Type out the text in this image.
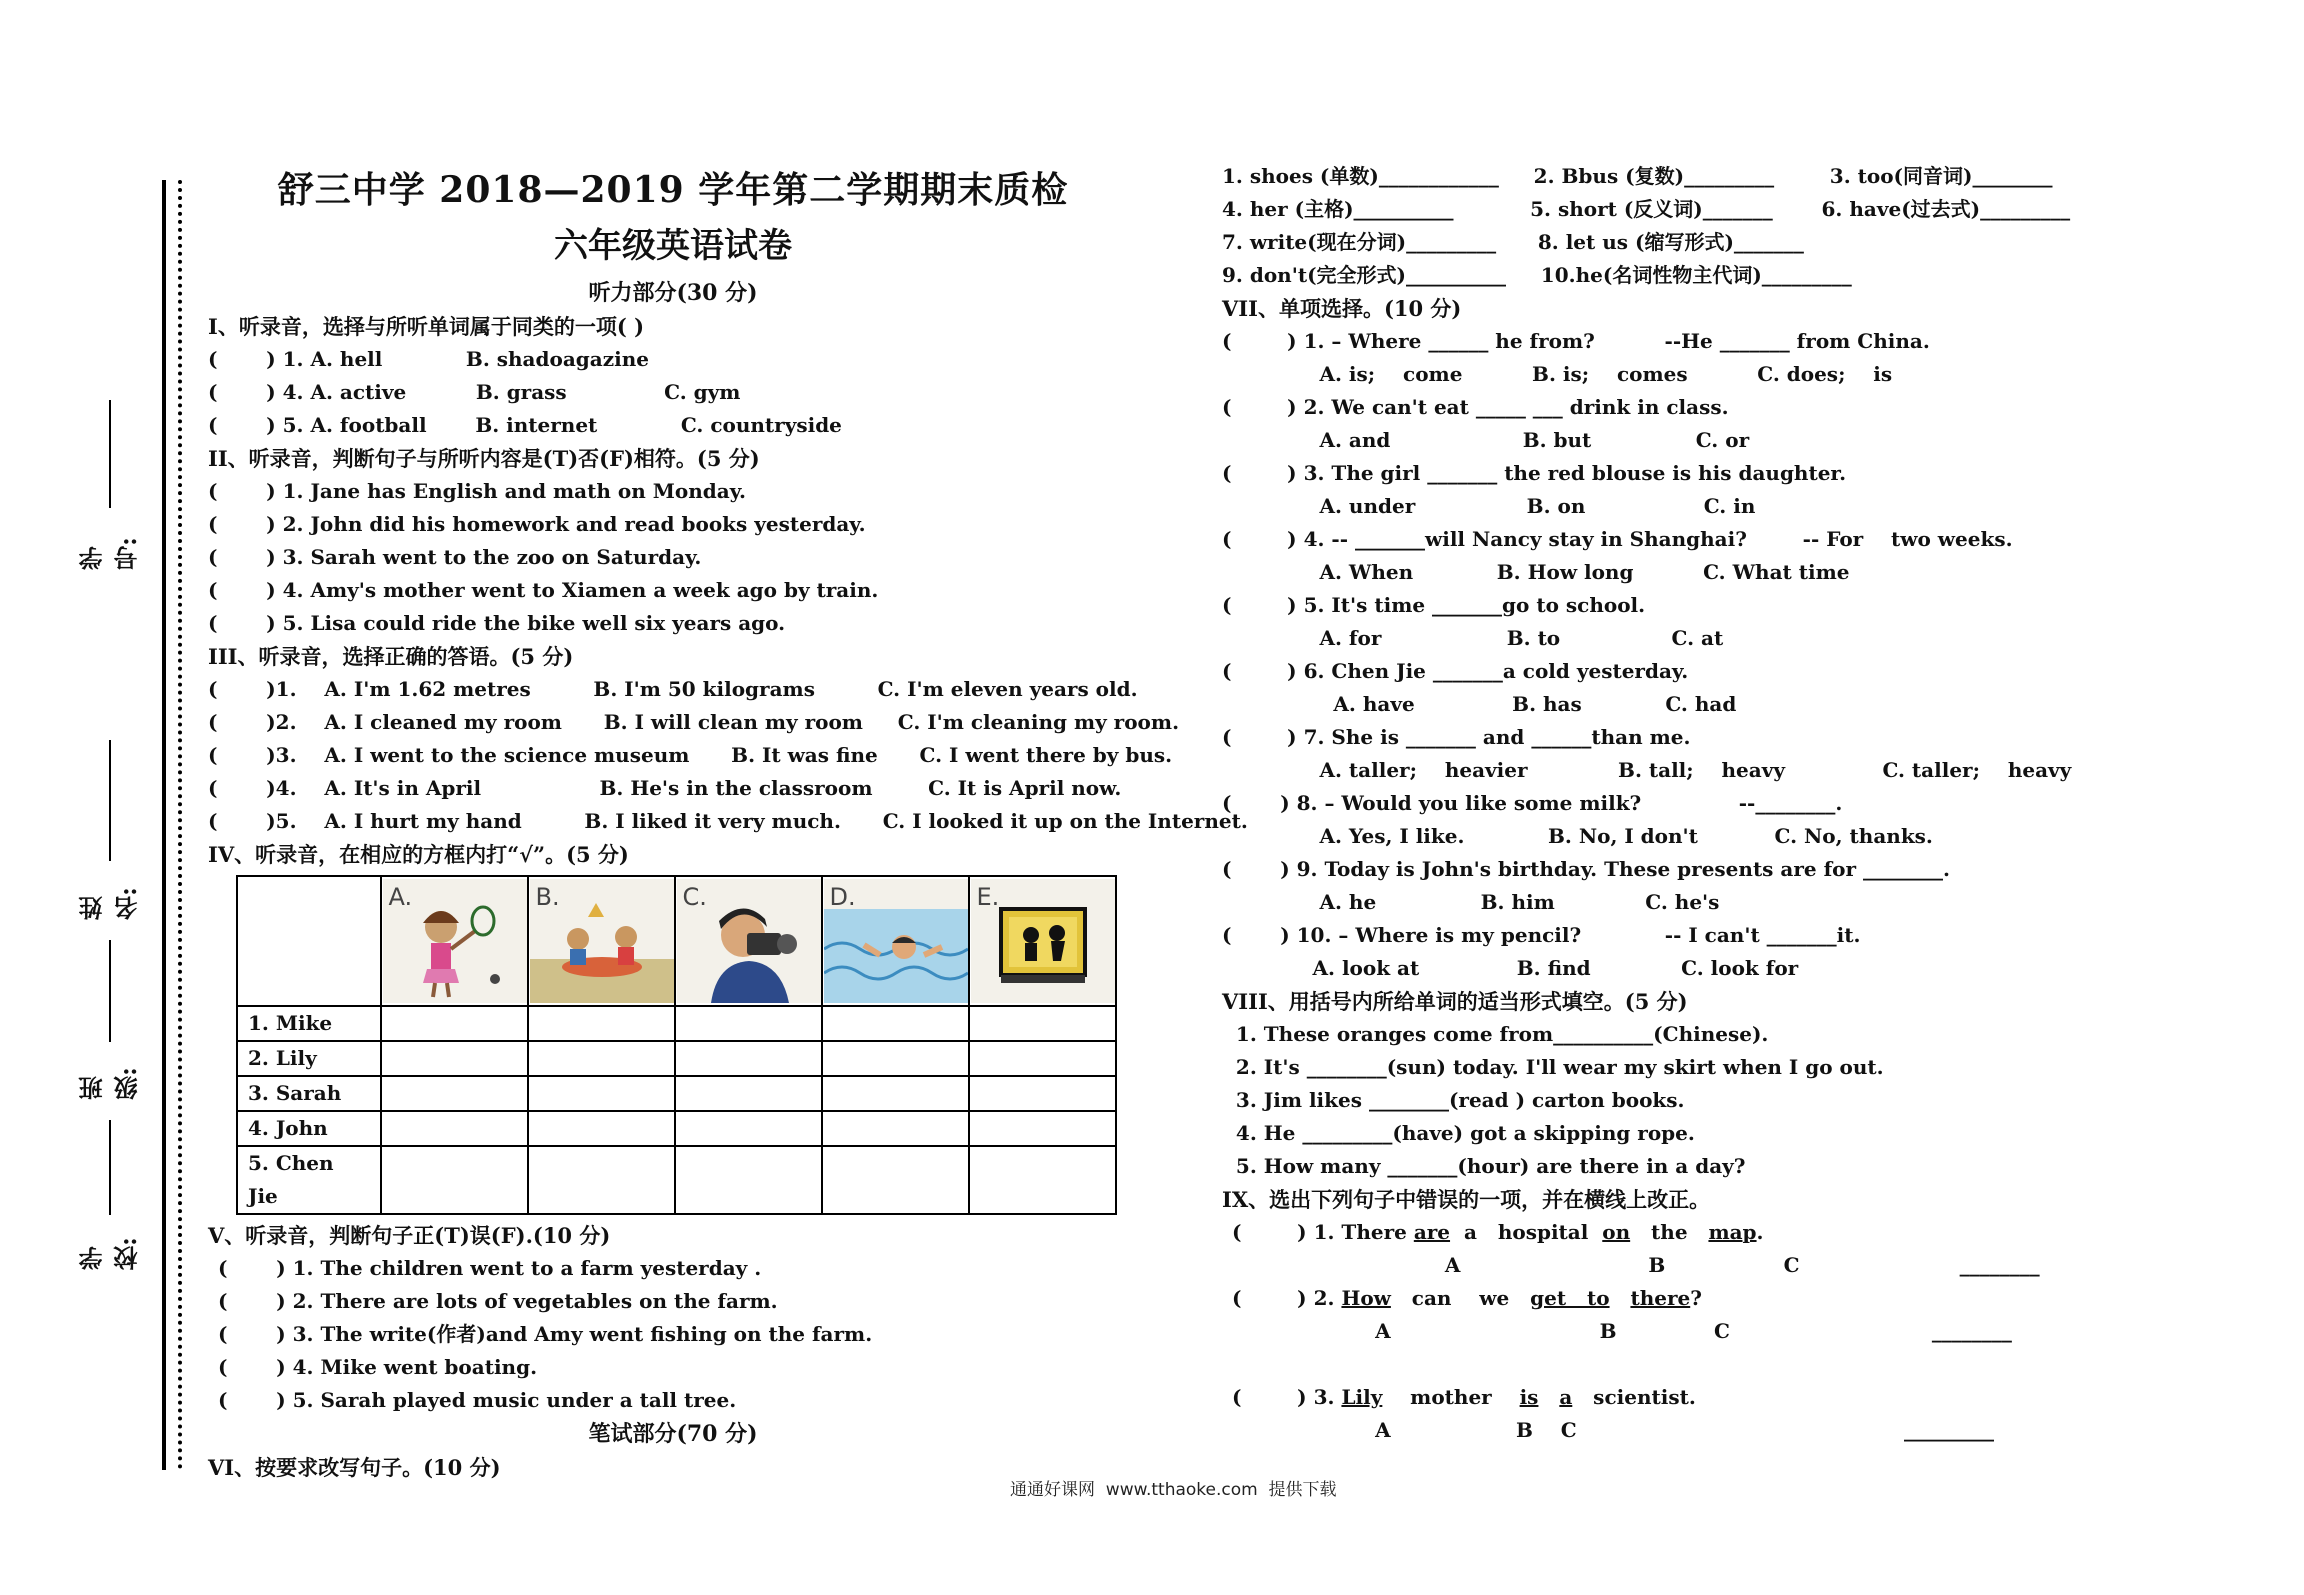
学校:
班级:
姓名:
学号:
舒三中学 2018—2019 学年第二学期期末质检
六年级英语试卷
听力部分(30 分)
I、听录音，选择与所听单词属于同类的一项( )
(       ) 1. A. hell            B. shadoagazine
(       ) 4. A. active          B. grass              C. gym
(       ) 5. A. football       B. internet            C. countryside
II、听录音，判断句子与所听内容是(T)否(F)相符。(5 分)
(       ) 1. Jane has English and math on Monday.
(       ) 2. John did his homework and read books yesterday.
(       ) 3. Sarah went to the zoo on Saturday.
(       ) 4. Amy's mother went to Xiamen a week ago by train.
(       ) 5. Lisa could ride the bike well six years ago.
III、听录音，选择正确的答语。(5 分)
(       )1.    A. I'm 1.62 metres         B. I'm 50 kilograms         C. I'm eleven years old.
(       )2.    A. I cleaned my room      B. I will clean my room     C. I'm cleaning my room.
(       )3.    A. I went to the science museum      B. It was fine      C. I went there by bus.
(       )4.    A. It's in April                 B. He's in the classroom        C. It is April now.
(       )5.    A. I hurt my hand         B. I liked it very much.      C. I looked it up on the Internet.
IV、听录音，在相应的方框内打“√”。(5 分)

	A.	B.	C.	D.	E.

1. Mike					
2. Lily					
3. Sarah					
4. John					
5. Chen Jie					
V、听录音，判断句子正(T)误(F).(10 分)
(       ) 1. The children went to a farm yesterday .
(       ) 2. There are lots of vegetables on the farm.
(       ) 3. The write(作者)and Amy went fishing on the farm.
(       ) 4. Mike went boating.
(       ) 5. Sarah played music under a tall tree.
笔试部分(70 分)
VI、按要求改写句子。(10 分)
1. shoes (单数)____________     2. Bbus (复数)_________        3. too(同音词)________
4. her (主格)__________           5. short (反义词)_______       6. have(过去式)_________
7. write(现在分词)_________      8. let us (缩写形式)_______
9. don't(完全形式)__________     10.he(名词性物主代词)_________
VII、单项选择。(10 分)
(        ) 1. – Where ______ he from?          --He _______ from China.
A. is;    come          B. is;    comes          C. does;    is
(        ) 2. We can't eat _____ ___ drink in class.
A. and                   B. but               C. or
(        ) 3. The girl _______ the red blouse is his daughter.
A. under                B. on                 C. in
(        ) 4. -- _______will Nancy stay in Shanghai?        -- For    two weeks.
A. When            B. How long          C. What time
(        ) 5. It's time _______go to school.
A. for                  B. to                C. at
(        ) 6. Chen Jie _______a cold yesterday.
A. have              B. has            C. had
(        ) 7. She is _______ and ______than me.
A. taller;    heavier             B. tall;    heavy              C. taller;    heavy
(       ) 8. – Would you like some milk?              --________.
A. Yes, I like.            B. No, I don't           C. No, thanks.
(       ) 9. Today is John's birthday. These presents are for ________.
A. he               B. him             C. he's
(       ) 10. – Where is my pencil?            -- I can't _______it.
A. look at              B. find             C. look for
VIII、用括号内所给单词的适当形式填空。(5 分)
1. These oranges come from__________(Chinese).
2. It's ________(sun) today. I'll wear my skirt when I go out.
3. Jim likes ________(read ) carton books.
4. He _________(have) got a skipping rope.
5. How many _______(hour) are there in a day?
IX、选出下列句子中错误的一项，并在横线上改正。
(        ) 1. There are  a   hospital  on   the   map.
A                           B                 C                       ________
(        ) 2. How   can    we   get   to there?
A                              B              C                             ________

(        ) 3. Lily    mother    is a   scientist.
A                  B    C                                               _________
通通好课网  www.tthaoke.com  提供下载
